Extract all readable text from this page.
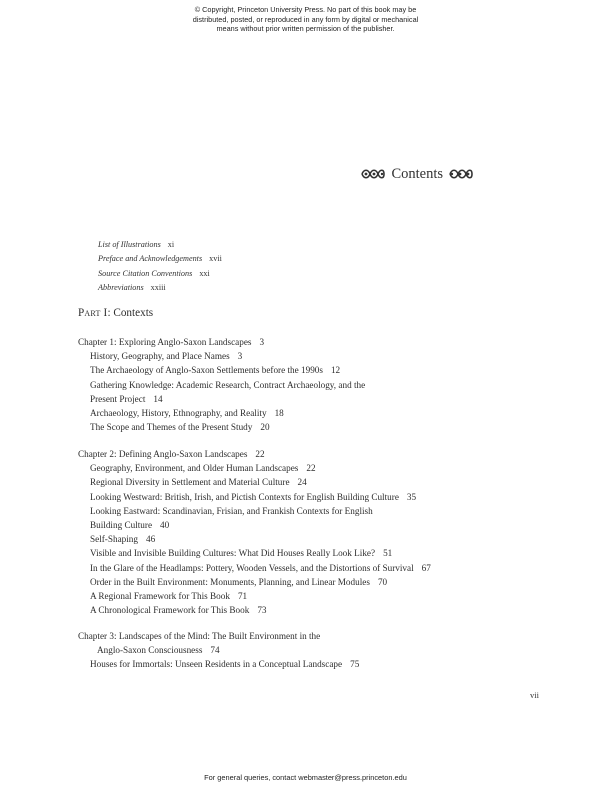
© Copyright, Princeton University Press. No part of this book may be
distributed, posted, or reproduced in any form by digital or mechanical
means without prior written permission of the publisher.
Contents
List of Illustrations xi
Preface and Acknowledgements xvii
Source Citation Conventions xxi
Abbreviations xxiii
Part I: Contexts
Chapter 1: Exploring Anglo-Saxon Landscapes 3
History, Geography, and Place Names 3
The Archaeology of Anglo-Saxon Settlements before the 1990s 12
Gathering Knowledge: Academic Research, Contract Archaeology, and the
Present Project 14
Archaeology, History, Ethnography, and Reality 18
The Scope and Themes of the Present Study 20
Chapter 2: Defining Anglo-Saxon Landscapes 22
Geography, Environment, and Older Human Landscapes 22
Regional Diversity in Settlement and Material Culture 24
Looking Westward: British, Irish, and Pictish Contexts for English Building Culture 35
Looking Eastward: Scandinavian, Frisian, and Frankish Contexts for English
Building Culture 40
Self-Shaping 46
Visible and Invisible Building Cultures: What Did Houses Really Look Like? 51
In the Glare of the Headlamps: Pottery, Wooden Vessels, and the Distortions of Survival 67
Order in the Built Environment: Monuments, Planning, and Linear Modules 70
A Regional Framework for This Book 71
A Chronological Framework for This Book 73
Chapter 3: Landscapes of the Mind: The Built Environment in the
Anglo-Saxon Consciousness 74
Houses for Immortals: Unseen Residents in a Conceptual Landscape 75
vii
For general queries, contact webmaster@press.princeton.edu
